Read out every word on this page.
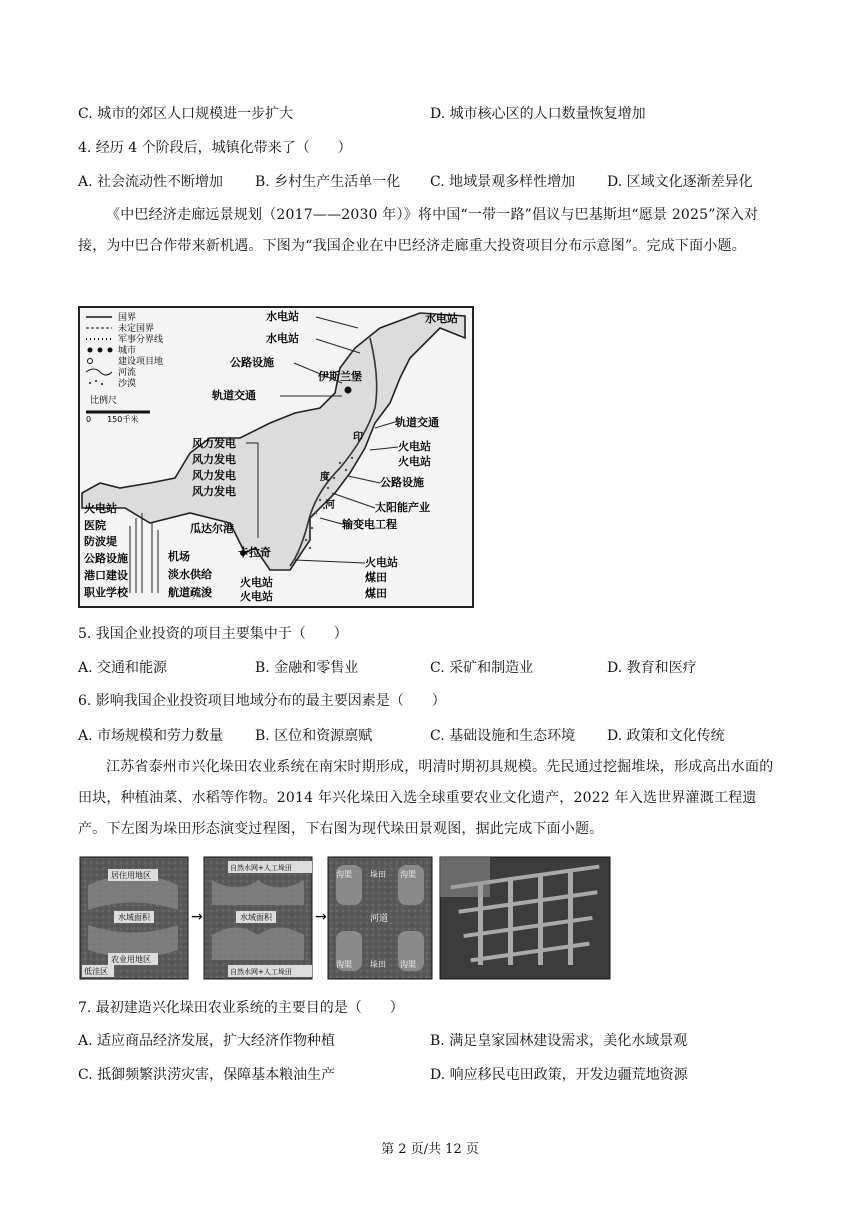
C. 城市的郊区人口规模进一步扩大	D. 城市核心区的人口数量恢复增加
4. 经历 4 个阶段后，城镇化带来了（　　）
A. 社会流动性不断增加 B. 乡村生产生活单一化 C. 地域景观多样性增加 D. 区域文化逐渐差异化
《中巴经济走廊远景规划（2017——2030 年）》将中国“一带一路”倡议与巴基斯坦“愿景 2025”深入对接，为中巴合作带来新机遇。下图为“我国企业在中巴经济走廊重大投资项目分布示意图”。完成下面小题。
国界
未定国界
军事分界线
城市
建设项目地
河流
沙漠
比例尺
0　　150千米
伊斯兰堡
瓜达尔港
卡拉奇
印
度
河
水电站
水电站
水电站
公路设施
轨道交通
轨道交通
火电站
火电站
公路设施
太阳能产业
输变电工程
火电站
煤田
煤田
风力发电
风力发电
风力发电
风力发电
火电站
医院
防波堤
公路设施
港口建设
职业学校
机场
淡水供给
航道疏浚
火电站
火电站
5. 我国企业投资的项目主要集中于（　　）
A. 交通和能源	B. 金融和零售业	C. 采矿和制造业	D. 教育和医疗
6. 影响我国企业投资项目地域分布的最主要因素是（　　）
A. 市场规模和劳力数量 B. 区位和资源禀赋	C. 基础设施和生态环境 D. 政策和文化传统
江苏省泰州市兴化垛田农业系统在南宋时期形成，明清时期初具规模。先民通过挖掘堆垛，形成高出水面的田块，种植油菜、水稻等作物。2014 年兴化垛田入选全球重要农业文化遗产，2022 年入选世界灌溉工程遗产。下左图为垛田形态演变过程图，下右图为现代垛田景观图，据此完成下面小题。
居住用地区
水域面积
农业用地区
低洼区
→
自然水网+人工垛田
水域面积
自然水网+人工垛田
→
沟渠 垛田 沟渠
河道
沟渠 垛田 沟渠
7. 最初建造兴化垛田农业系统的主要目的是（　　）
A. 适应商品经济发展，扩大经济作物种植	B. 满足皇家园林建设需求，美化水域景观
C. 抵御频繁洪涝灾害，保障基本粮油生产	D. 响应移民屯田政策，开发边疆荒地资源
第 2 页/共 12 页
